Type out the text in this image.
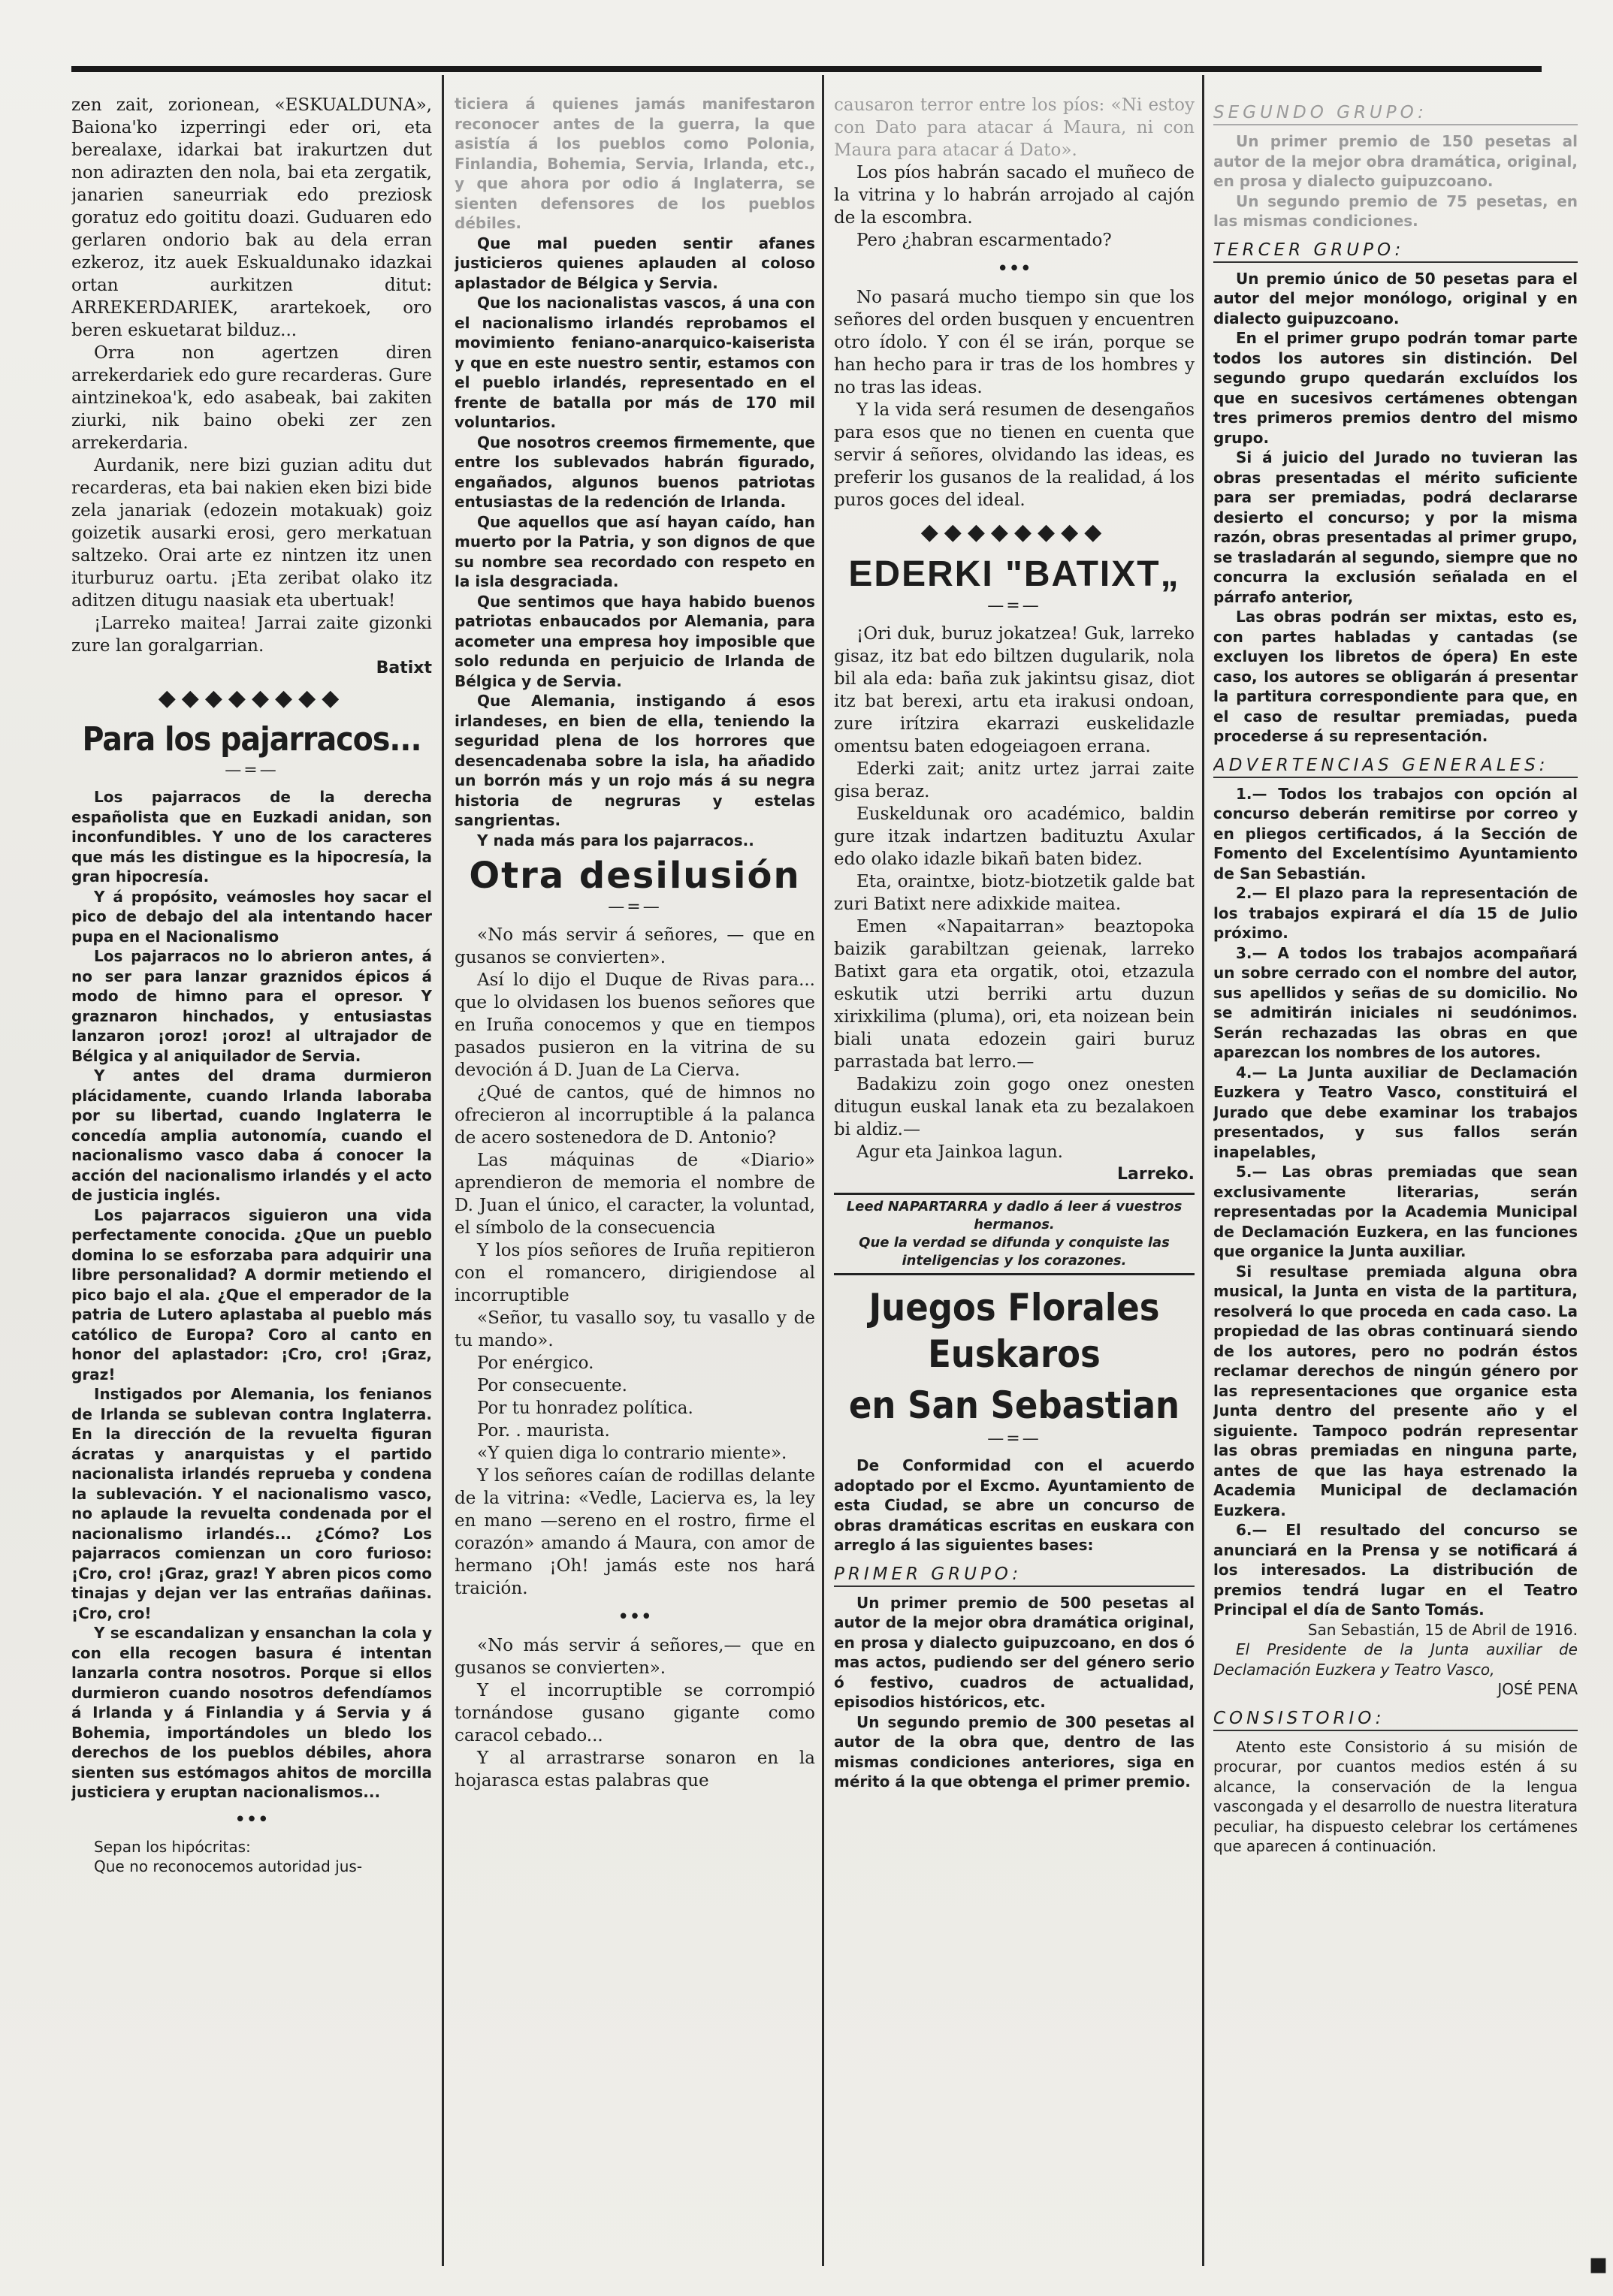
zen zait, zorionean, «ESKUALDUNA», Baiona'ko izperringi eder ori, eta berealaxe, idarkai bat irakurtzen dut non adirazten den nola, bai eta zergatik, janarien saneurriak edo preziosk goratuz edo goititu doazi. Guduaren edo gerlaren ondorio bak au dela erran ezkeroz, itz auek Eskualdunako idazkai ortan aurkitzen ditut: ARREKERDARIEK, arartekoek, oro beren eskuetarat bilduz...

Orra non agertzen diren arrekerdariek edo gure recarderas. Gure aintzinekoa'k, edo asabeak, bai zakiten ziurki, nik baino obeki zer zen arrekerdaria.

Aurdanik, nere bizi guzian aditu dut recarderas, eta bai nakien eken bizi bide zela janariak (edozein motakuak) goiz goizetik ausarki erosi, gero merkatuan saltzeko. Orai arte ez nintzen itz unen iturburuz oartu. ¡Eta zeribat olako itz aditzen ditugu naasiak eta ubertuak!

¡Larreko maitea! Jarrai zaite gizonki zure lan goralgarrian.

Batixt
◆◆◆◆◆◆◆◆
Para los pajarracos...
—=—

Los pajarracos de la derecha españolista que en Euzkadi anidan, son inconfundibles. Y uno de los caracteres que más les distingue es la hipocresía, la gran hipocresía.

Y á propósito, veámosles hoy sacar el pico de debajo del ala intentando hacer pupa en el Nacionalismo

Los pajarracos no lo abrieron antes, á no ser para lanzar graznidos épicos á modo de himno para el opresor. Y graznaron hinchados, y entusiastas lanzaron ¡oroz! ¡oroz! al ultrajador de Bélgica y al aniquilador de Servia.

Y antes del drama durmieron plácidamente, cuando Irlanda laboraba por su libertad, cuando Inglaterra le concedía amplia autonomía, cuando el nacionalismo vasco daba á conocer la acción del nacionalismo irlandés y el acto de justicia inglés.

Los pajarracos siguieron una vida perfectamente conocida. ¿Que un pueblo domina lo se esforzaba para adquirir una libre personalidad? A dormir metiendo el pico bajo el ala. ¿Que el emperador de la patria de Lutero aplastaba al pueblo más católico de Europa? Coro al canto en honor del aplastador: ¡Cro, cro! ¡Graz, graz!

Instigados por Alemania, los fenianos de Irlanda se sublevan contra Inglaterra. En la dirección de la revuelta figuran ácratas y anarquistas y el partido nacionalista irlandés reprueba y condena la sublevación. Y el nacionalismo vasco, no aplaude la revuelta condenada por el nacionalismo irlandés... ¿Cómo? Los pajarracos comienzan un coro furioso: ¡Cro, cro! ¡Graz, graz! Y abren picos como tinajas y dejan ver las entrañas dañinas. ¡Cro, cro!

Y se escandalizan y ensanchan la cola y con ella recogen basura é intentan lanzarla contra nosotros. Porque si ellos durmieron cuando nosotros defendíamos á Irlanda y á Finlandia y á Servia y á Bohemia, importándoles un bledo los derechos de los pueblos débiles, ahora sienten sus estómagos ahitos de morcilla justiciera y eruptan nacionalismos...

•••

Sepan los hipócritas:

Que no reconocemos autoridad jus-

ticiera á quienes jamás manifestaron reconocer antes de la guerra, la que asistía á los pueblos como Polonia, Finlandia, Bohemia, Servia, Irlanda, etc., y que ahora por odio á Inglaterra, se sienten defensores de los pueblos débiles.

Que mal pueden sentir afanes justicieros quienes aplauden al coloso aplastador de Bélgica y Servia.

Que los nacionalistas vascos, á una con el nacionalismo irlandés reprobamos el movimiento feniano-anarquico-kaiserista y que en este nuestro sentir, estamos con el pueblo irlandés, representado en el frente de batalla por más de 170 mil voluntarios.

Que nosotros creemos firmemente, que entre los sublevados habrán figurado, engañados, algunos buenos patriotas entusiastas de la redención de Irlanda.

Que aquellos que así hayan caído, han muerto por la Patria, y son dignos de que su nombre sea recordado con respeto en la isla desgraciada.

Que sentimos que haya habido buenos patriotas enbaucados por Alemania, para acometer una empresa hoy imposible que solo redunda en perjuicio de Irlanda de Bélgica y de Servia.

Que Alemania, instigando á esos irlandeses, en bien de ella, teniendo la seguridad plena de los horrores que desencadenaba sobre la isla, ha añadido un borrón más y un rojo más á su negra historia de negruras y estelas sangrientas.

Y nada más para los pajarracos..

Otra desilusión
—=—

«No más servir á señores, — que en gusanos se convierten».

Así lo dijo el Duque de Rivas para... que lo olvidasen los buenos señores que en Iruña conocemos y que en tiempos pasados pusieron en la vitrina de su devoción á D. Juan de La Cierva.

¿Qué de cantos, qué de himnos no ofrecieron al incorruptible á la palanca de acero sostenedora de D. Antonio?

Las máquinas de «Diario» aprendieron de memoria el nombre de D. Juan el único, el caracter, la voluntad, el símbolo de la consecuencia

Y los píos señores de Iruña repitieron con el romancero, dirigiendose al incorruptible

«Señor, tu vasallo soy, tu vasallo y de tu mando».

Por enérgico.

Por consecuente.

Por tu honradez política.

Por. . maurista.

«Y quien diga lo contrario miente».

Y los señores caían de rodillas delante de la vitrina: «Vedle, Lacierva es, la ley en mano —sereno en el rostro, firme el corazón» amando á Maura, con amor de hermano ¡Oh! jamás este nos hará traición.

•••

«No más servir á señores,— que en gusanos se convierten».

Y el incorruptible se corrompió tornándose gusano gigante como caracol cebado...

Y al arrastrarse sonaron en la hojarasca estas palabras que

causaron terror entre los píos: «Ni estoy con Dato para atacar á Maura, ni con Maura para atacar á Dato».

Los píos habrán sacado el muñeco de la vitrina y lo habrán arrojado al cajón de la escombra.

Pero ¿habran escarmentado?

•••

No pasará mucho tiempo sin que los señores del orden busquen y encuentren otro ídolo. Y con él se irán, porque se han hecho para ir tras de los hombres y no tras las ideas.

Y la vida será resumen de desengaños para esos que no tienen en cuenta que servir á señores, olvidando las ideas, es preferir los gusanos de la realidad, á los puros goces del ideal.

◆◆◆◆◆◆◆◆
EDERKI "BATIXT„
—=—

¡Ori duk, buruz jokatzea! Guk, larreko gisaz, itz bat edo biltzen dugularik, nola bil ala eda: baña zuk jakintsu gisaz, diot itz bat berexi, artu eta irakusi ondoan, zure irítzira ekarrazi euskelidazle omentsu baten edogeiagoen errana.

Ederki zait; anitz urtez jarrai zaite gisa beraz.

Euskeldunak oro académico, baldin gure itzak indartzen badituztu Axular edo olako idazle bikañ baten bidez.

Eta, oraintxe, biotz-biotzetik galde bat zuri Batixt nere adixkide maitea.

Emen «Napaitarran» beaztopoka baizik garabiltzan geienak, larreko Batixt gara eta orgatik, otoi, etzazula eskutik utzi berriki artu duzun xirixkilima (pluma), ori, eta noizean bein biali unata edozein gairi buruz parrastada bat lerro.—

Badakizu zoin gogo onez onesten ditugun euskal lanak eta zu bezalakoen bi aldiz.—

Agur eta Jainkoa lagun.

Larreko.
Leed NAPARTARRA y dadlo á leer á vuestros hermanos.
Que la verdad se difunda y conquiste las inteligencias y los corazones.
Juegos Florales Euskaros
en San Sebastian
—=—

De Conformidad con el acuerdo adoptado por el Excmo. Ayuntamiento de esta Ciudad, se abre un concurso de obras dramáticas escritas en euskara con arreglo á las siguientes bases:

PRIMER GRUPO:

Un primer premio de 500 pesetas al autor de la mejor obra dramática original, en prosa y dialecto guipuzcoano, en dos ó mas actos, pudiendo ser del género serio ó festivo, cuadros de actualidad, episodios históricos, etc.

Un segundo premio de 300 pesetas al autor de la obra que, dentro de las mismas condiciones anteriores, siga en mérito á la que obtenga el primer premio.

SEGUNDO GRUPO:

Un primer premio de 150 pesetas al autor de la mejor obra dramática, original, en prosa y dialecto guipuzcoano.

Un segundo premio de 75 pesetas, en las mismas condiciones.

TERCER GRUPO:

Un premio único de 50 pesetas para el autor del mejor monólogo, original y en dialecto guipuzcoano.

En el primer grupo podrán tomar parte todos los autores sin distinción. Del segundo grupo quedarán excluídos los que en sucesivos certámenes obtengan tres primeros premios dentro del mismo grupo.

Si á juicio del Jurado no tuvieran las obras presentadas el mérito suficiente para ser premiadas, podrá declararse desierto el concurso; y por la misma razón, obras presentadas al primer grupo, se trasladarán al segundo, siempre que no concurra la exclusión señalada en el párrafo anterior,

Las obras podrán ser mixtas, esto es, con partes habladas y cantadas (se excluyen los libretos de ópera) En este caso, los autores se obligarán á presentar la partitura correspondiente para que, en el caso de resultar premiadas, pueda procederse á su representación.

ADVERTENCIAS GENERALES:

1.— Todos los trabajos con opción al concurso deberán remitirse por correo y en pliegos certificados, á la Sección de Fomento del Excelentísimo Ayuntamiento de San Sebastián.

2.— El plazo para la representación de los trabajos expirará el día 15 de Julio próximo.

3.— A todos los trabajos acompañará un sobre cerrado con el nombre del autor, sus apellidos y señas de su domicilio. No se admitirán iniciales ni seudónimos. Serán rechazadas las obras en que aparezcan los nombres de los autores.

4.— La Junta auxiliar de Declamación Euzkera y Teatro Vasco, constituirá el Jurado que debe examinar los trabajos presentados, y sus fallos serán inapelables,

5.— Las obras premiadas que sean exclusivamente literarias, serán representadas por la Academia Municipal de Declamación Euzkera, en las funciones que organice la Junta auxiliar.

Si resultase premiada alguna obra musical, la Junta en vista de la partitura, resolverá lo que proceda en cada caso. La propiedad de las obras continuará siendo de los autores, pero no podrán éstos reclamar derechos de ningún género por las representaciones que organice esta Junta dentro del presente año y el siguiente. Tampoco podrán representar las obras premiadas en ninguna parte, antes de que las haya estrenado la Academia Municipal de declamación Euzkera.

6.— El resultado del concurso se anunciará en la Prensa y se notificará á los interesados. La distribución de premios tendrá lugar en el Teatro Principal el día de Santo Tomás.

San Sebastián, 15 de Abril de 1916.

El Presidente de la Junta auxiliar de Declamación Euzkera y Teatro Vasco,

JOSÉ PENA

CONSISTORIO:

Atento este Consistorio á su misión de procurar, por cuantos medios estén á su alcance, la conservación de la lengua vascongada y el desarrollo de nuestra literatura peculiar, ha dispuesto celebrar los certámenes que aparecen á continuación.

▪
